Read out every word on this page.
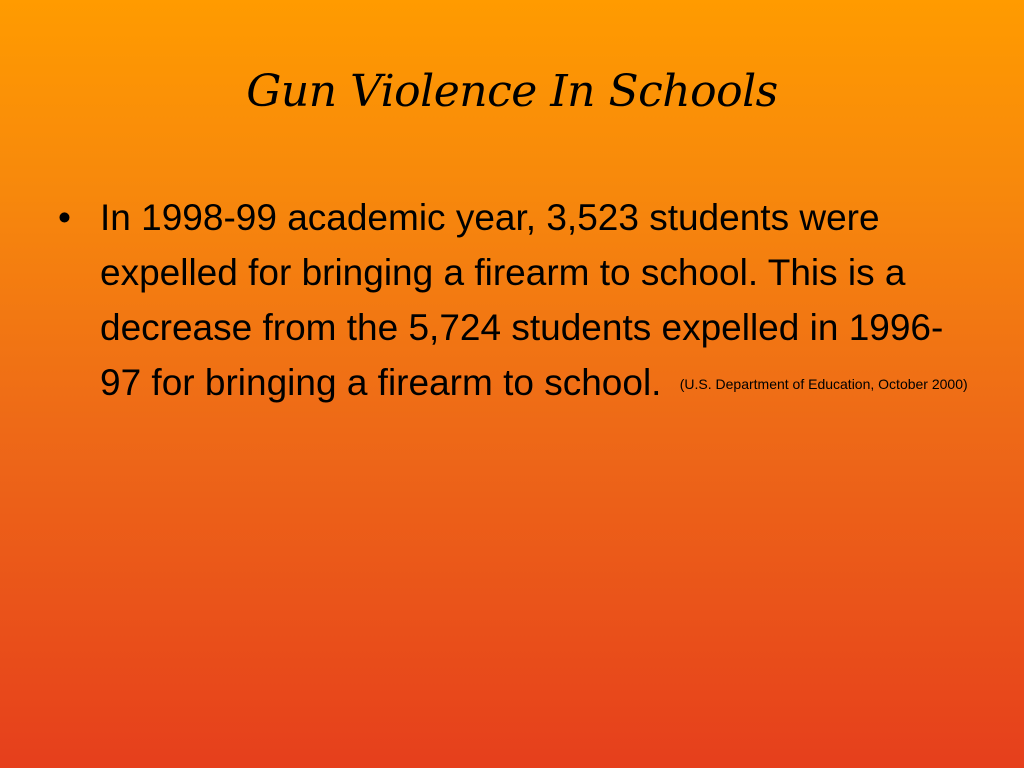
Gun Violence In Schools
• In 1998-99 academic year, 3,523 students were expelled for bringing a firearm to school. This is a decrease from the 5,724 students expelled in 1996-97 for bringing a firearm to school. (U.S. Department of Education, October 2000)
